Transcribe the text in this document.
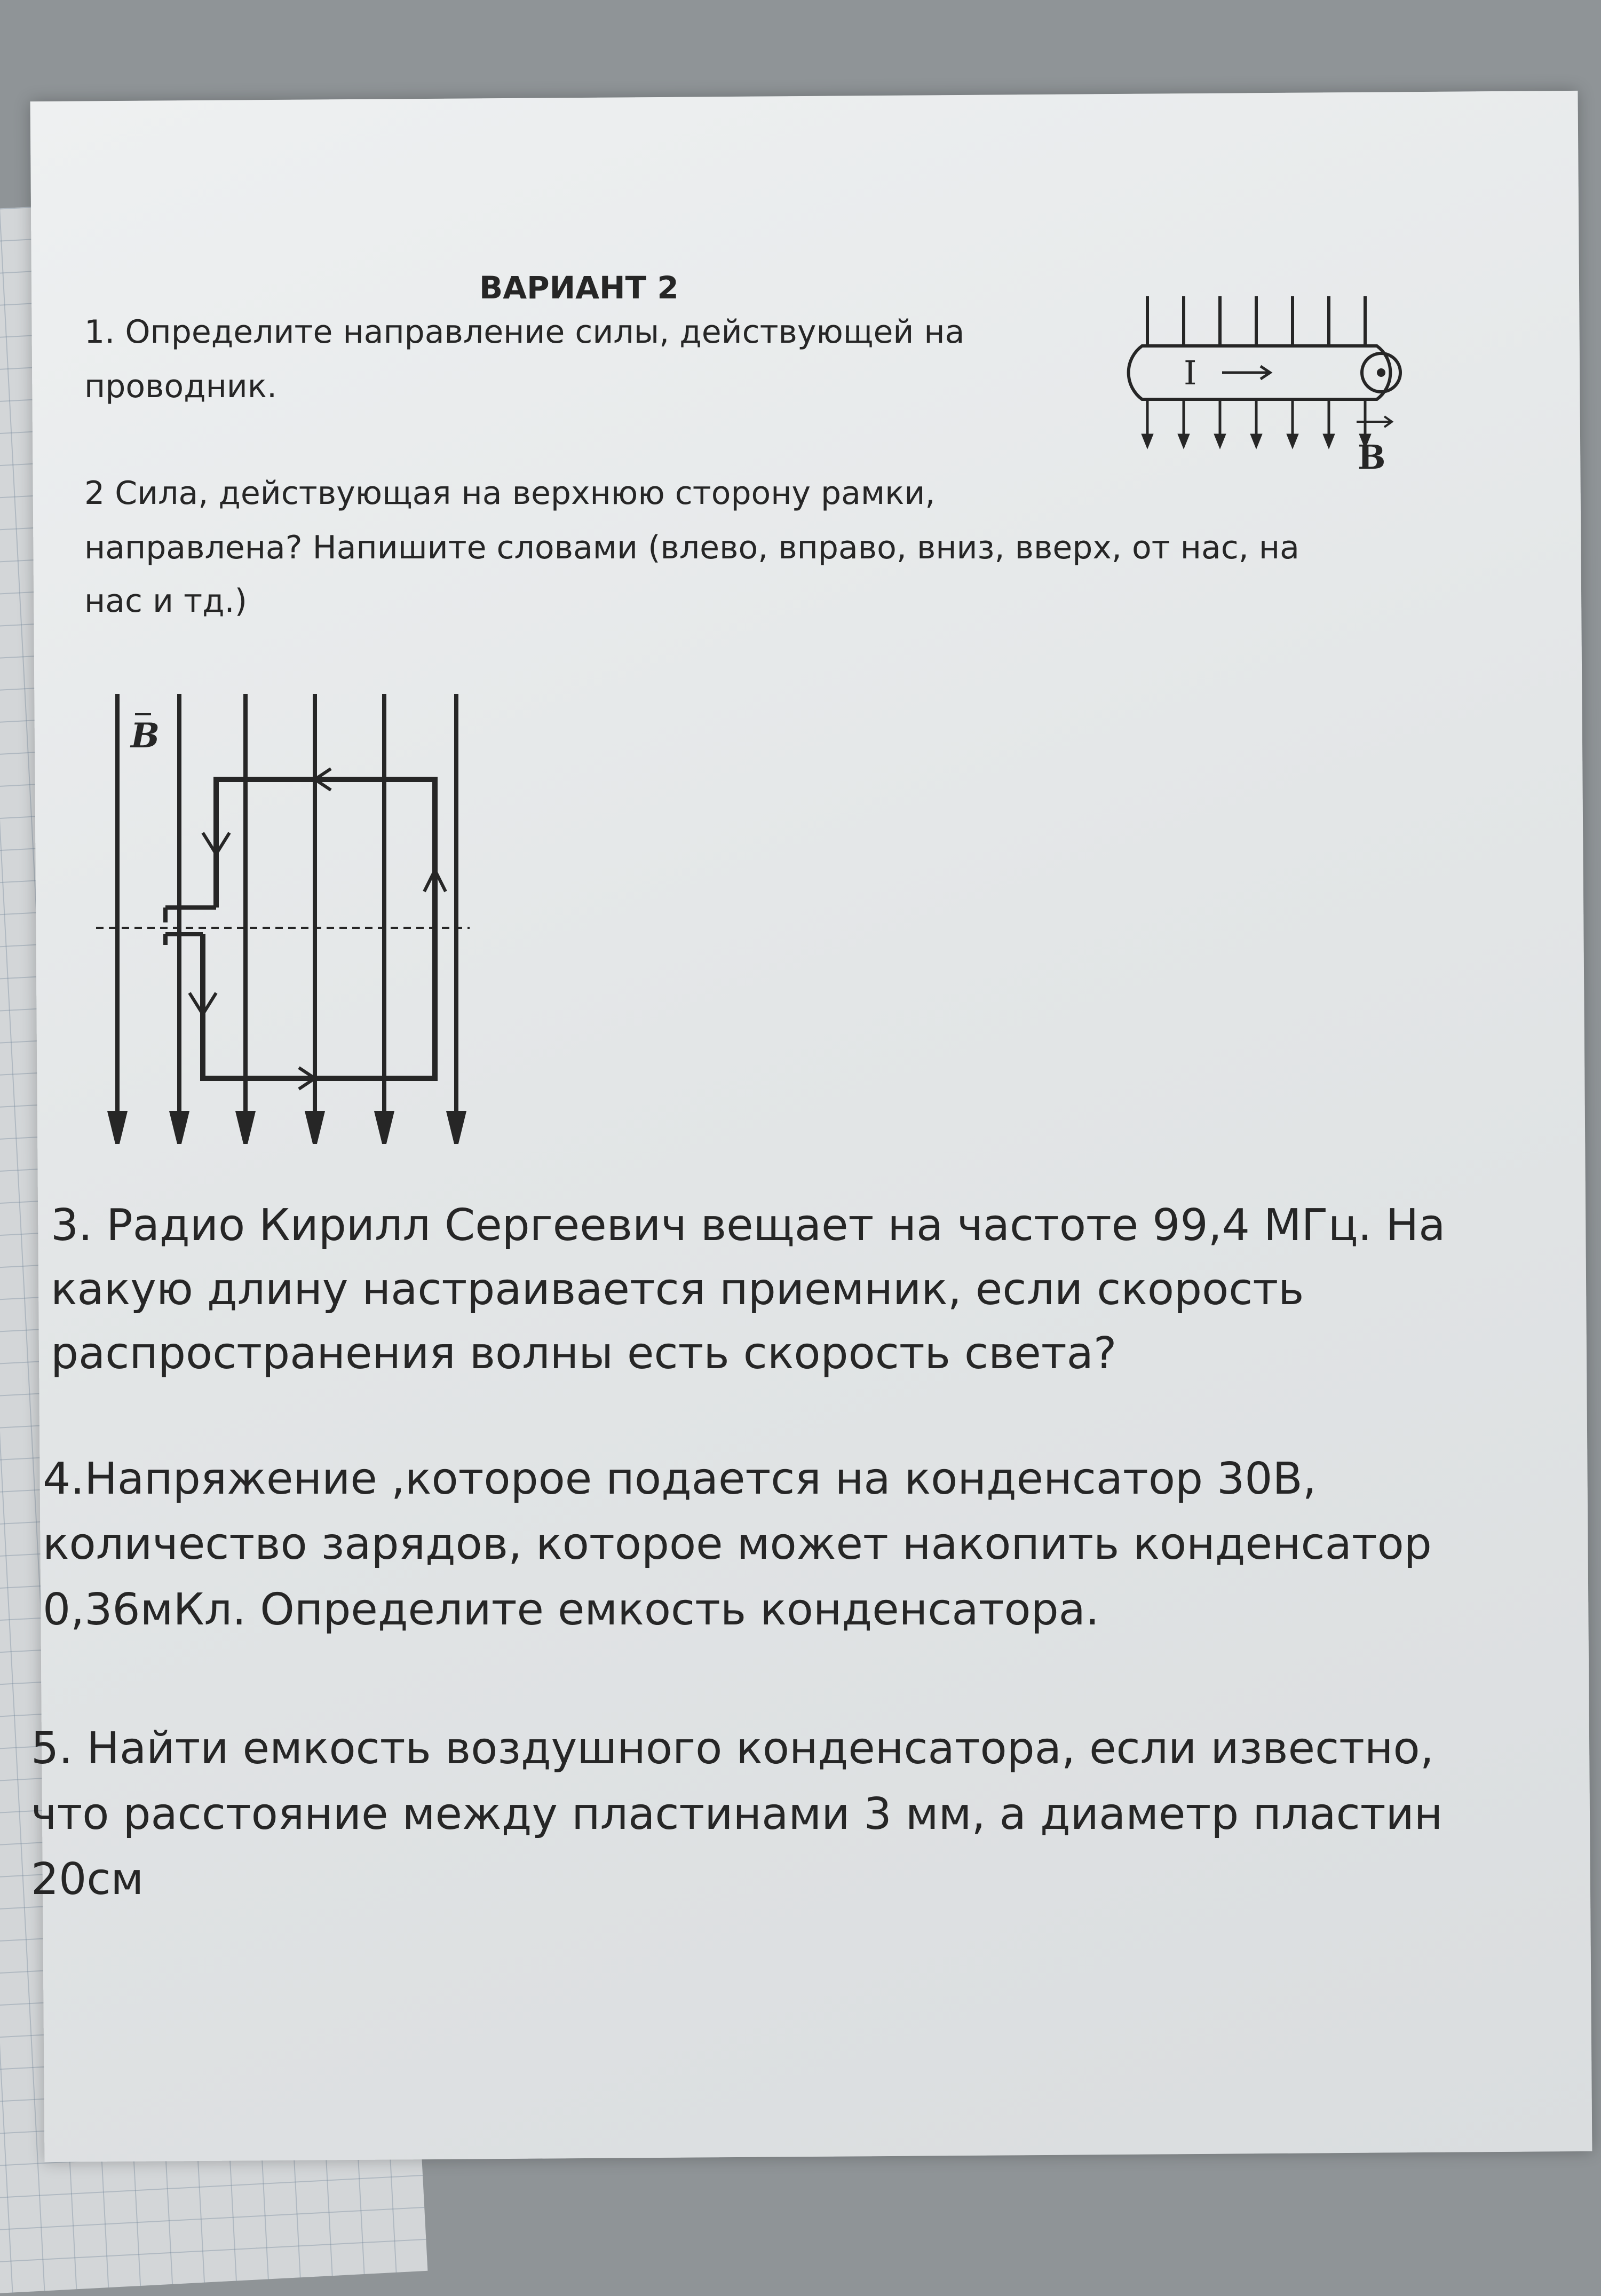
ВАРИАНТ 2
1. Определите направление силы, действующей на
проводник.	I
B
2 Сила, действующая на верхнюю сторону рамки,
направлена? Напишите словами (влево, вправо, вниз, вверх, от нас, на
нас и тд.)
B
3. Радио Кирилл Сергеевич вещает на частоте 99,4 МГц. На
какую длину настраивается приемник, если скорость
распространения волны есть скорость света?
4.Напряжение ,которое подается на конденсатор 30В,
количество зарядов, которое может накопить конденсатор
0,36мКл. Определите емкость конденсатора.
5. Найти емкость воздушного конденсатора, если известно,
что расстояние между пластинами 3 мм, а диаметр пластин
20см
